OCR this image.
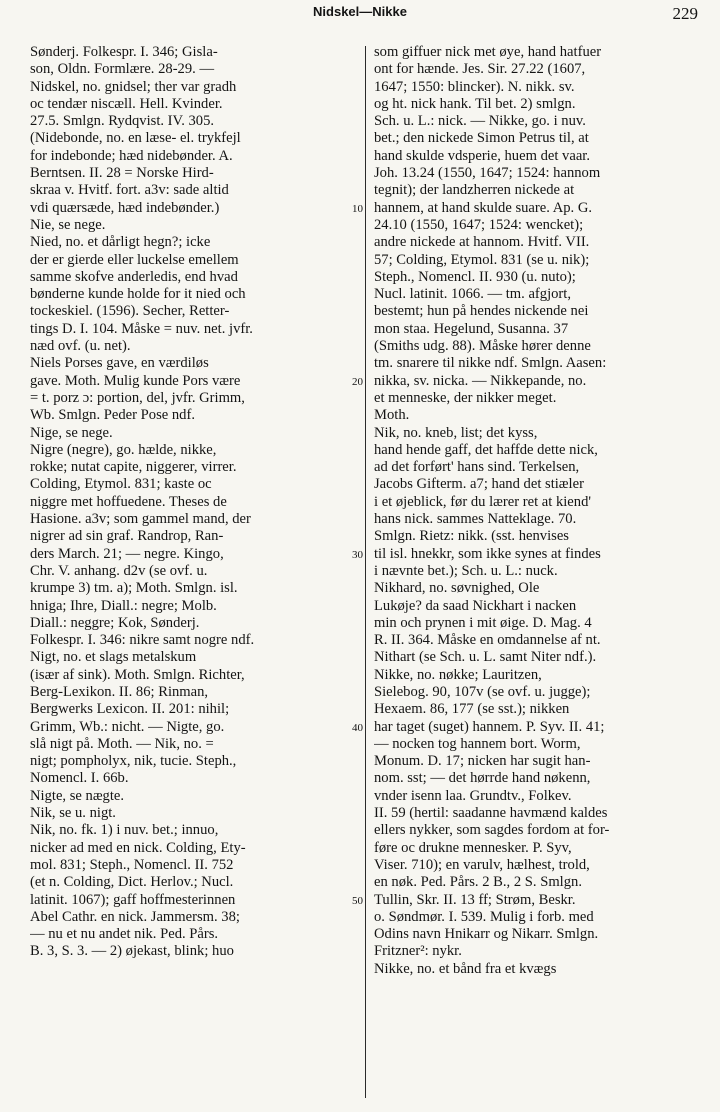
Nidskel—Nikke	229
Sønderj. Folkespr. I. 346; Gisla-
son, Oldn. Formlære. 28-29. —
Nidskel, no. gnidsel; ther var gradh
oc tendær niscæll. Hell. Kvinder.
27.5. Smlgn. Rydqvist. IV. 305.
(Nidebonde, no. en læse- el. trykfejl
for indebonde; hæd nidebønder. A.
Berntsen. II. 28 = Norske Hird-
skraa v. Hvitf. fort. a3v: sade altid
vdi quærsæde, hæd indebønder.)
Nie, se nege.
Nied, no. et dårligt hegn?; icke
der er gierde eller luckelse emellem
samme skofve anderledis, end hvad
bønderne kunde holde for it nied och
tockeskiel. (1596). Secher, Retter-
tings D. I. 104. Måske = nuv. net. jvfr.
næd ovf. (u. net).
Niels Porses gave, en værdiløs
gave. Moth. Mulig kunde Pors være
= t. porz ɔ: portion, del, jvfr. Grimm,
Wb. Smlgn. Peder Pose ndf.
Nige, se nege.
Nigre (negre), go. hælde, nikke,
rokke; nutat capite, niggerer, virrer.
Colding, Etymol. 831; kaste oc
niggre met hoffuedene. Theses de
Hasione. a3v; som gammel mand, der
nigrer ad sin graf. Randrop, Ran-
ders March. 21; — negre. Kingo,
Chr. V. anhang. d2v (se ovf. u.
krumpe 3) tm. a); Moth. Smlgn. isl.
hniga; Ihre, Diall.: negre; Molb.
Diall.: neggre; Kok, Sønderj.
Folkespr. I. 346: nikre samt nogre ndf.
Nigt, no. et slags metalskum
(især af sink). Moth. Smlgn. Richter,
Berg-Lexikon. II. 86; Rinman,
Bergwerks Lexicon. II. 201: nihil;
Grimm, Wb.: nicht. — Nigte, go.
slå nigt på. Moth. — Nik, no. =
nigt; pompholyx, nik, tucie. Steph.,
Nomencl. I. 66b.
Nigte, se nægte.
Nik, se u. nigt.
Nik, no. fk. 1) i nuv. bet.; innuo,
nicker ad med en nick. Colding, Ety-
mol. 831; Steph., Nomencl. II. 752
(et n. Colding, Dict. Herlov.; Nucl.
latinit. 1067); gaff hoffmesterinnen
Abel Cathr. en nick. Jammersm. 38;
— nu et nu andet nik. Ped. Pårs.
B. 3, S. 3. — 2) øjekast, blink; huo
som giffuer nick met øye, hand hatfuer
ont for hænde. Jes. Sir. 27.22 (1607,
1647; 1550: blincker). N. nikk. sv.
og ht. nick hank. Til bet. 2) smlgn.
Sch. u. L.: nick. — Nikke, go. i nuv.
bet.; den nickede Simon Petrus til, at
hand skulde vdsperie, huem det vaar.
Joh. 13.24 (1550, 1647; 1524: hannom
tegnit); der landzherren nickede at
hannem, at hand skulde suare. Ap. G.
24.10 (1550, 1647; 1524: wencket);
andre nickede at hannom. Hvitf. VII.
57; Colding, Etymol. 831 (se u. nik);
Steph., Nomencl. II. 930 (u. nuto);
Nucl. latinit. 1066. — tm. afgjort,
bestemt; hun på hendes nickende nei
mon staa. Hegelund, Susanna. 37
(Smiths udg. 88). Måske hører denne
tm. snarere til nikke ndf. Smlgn. Aasen:
nikka, sv. nicka. — Nikkepande, no.
et menneske, der nikker meget.
Moth.
Nik, no. kneb, list; det kyss,
hand hende gaff, det haffde dette nick,
ad det forført' hans sind. Terkelsen,
Jacobs Gifterm. a7; hand det stiæler
i et øjeblick, før du lærer ret at kiend'
hans nick. sammes Natteklage. 70.
Smlgn. Rietz: nikk. (sst. henvises
til isl. hnekkr, som ikke synes at findes
i nævnte bet.); Sch. u. L.: nuck.
Nikhard, no. søvnighed, Ole
Lukøje? da saad Nickhart i nacken
min och prynen i mit øige. D. Mag. 4
R. II. 364. Måske en omdannelse af nt.
Nithart (se Sch. u. L. samt Niter ndf.).
Nikke, no. nøkke; Lauritzen,
Sielebog. 90, 107v (se ovf. u. jugge);
Hexaem. 86, 177 (se sst.); nikken
har taget (suget) hannem. P. Syv. II. 41;
— nocken tog hannem bort. Worm,
Monum. D. 17; nicken har sugit han-
nom. sst; — det hørrde hand nøkenn,
vnder isenn laa. Grundtv., Folkev.
II. 59 (hertil: saadanne havmænd kaldes
ellers nykker, som sagdes fordom at for-
føre oc drukne mennesker. P. Syv,
Viser. 710); en varulv, hælhest, trold,
en nøk. Ped. Pårs. 2 B., 2 S. Smlgn.
Tullin, Skr. II. 13 ff; Strøm, Beskr.
o. Søndmør. I. 539. Mulig i forb. med
Odins navn Hnikarr og Nikarr. Smlgn.
Fritzner²: nykr.
Nikke, no. et bånd fra et kvægs
10
20
30
40
50
